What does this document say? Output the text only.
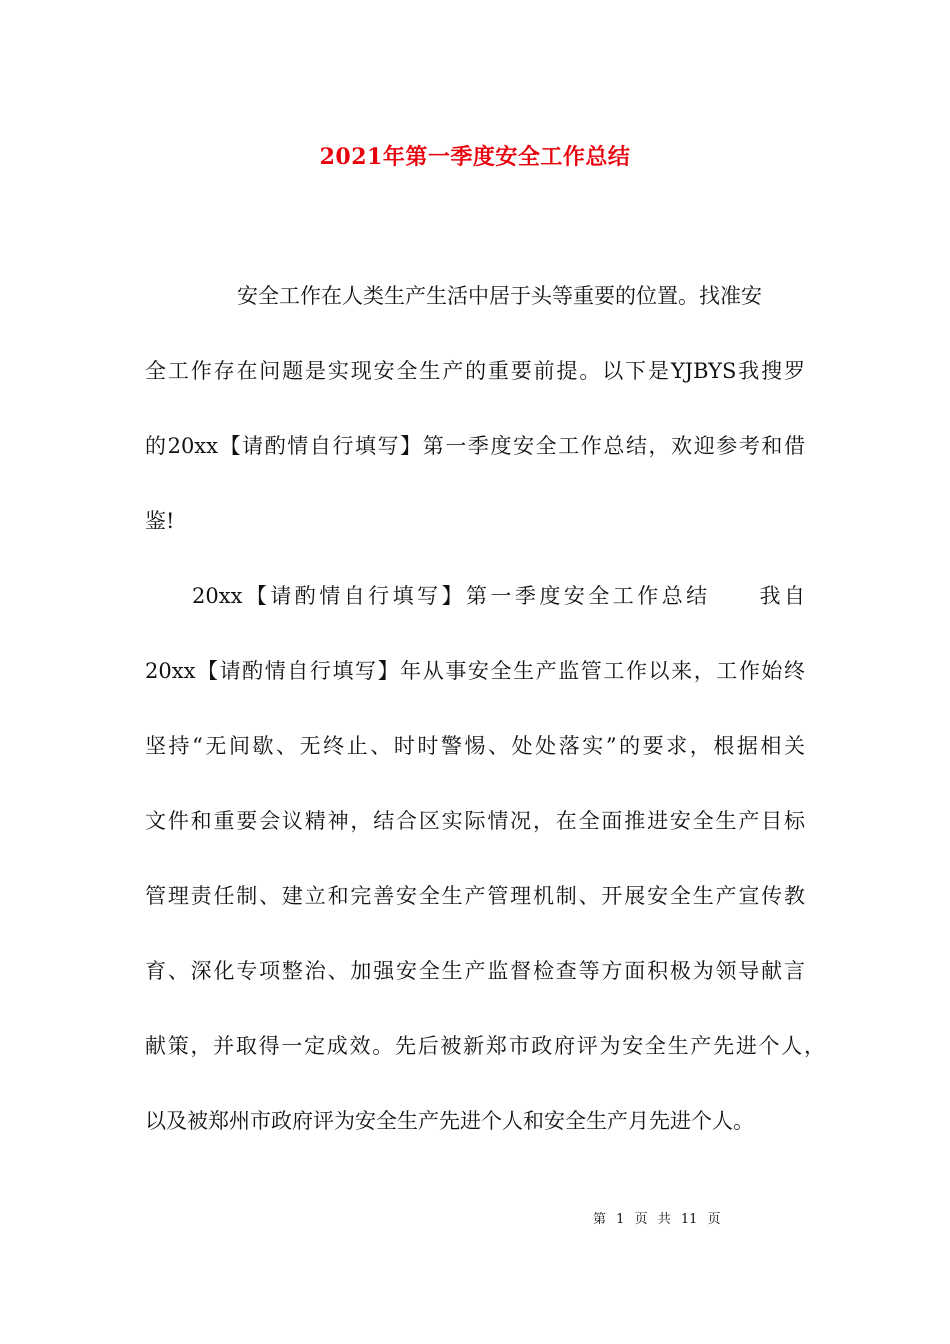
2021年第一季度安全工作总结
安全工作在人类生产生活中居于头等重要的位置。找准安
全工作存在问题是实现安全生产的重要前提。以下是YJBYS我搜罗
的20xx【请酌情自行填写】第一季度安全工作总结，欢迎参考和借
鉴!
20xx【请酌情自行填写】第一季度安全工作总结　　我自
20xx【请酌情自行填写】年从事安全生产监管工作以来，工作始终
坚持“无间歇、无终止、时时警惕、处处落实”的要求，根据相关
文件和重要会议精神，结合区实际情况，在全面推进安全生产目标
管理责任制、建立和完善安全生产管理机制、开展安全生产宣传教
育、深化专项整治、加强安全生产监督检查等方面积极为领导献言
献策，并取得一定成效。先后被新郑市政府评为安全生产先进个人，
以及被郑州市政府评为安全生产先进个人和安全生产月先进个人。
第 1 页 共 11 页
